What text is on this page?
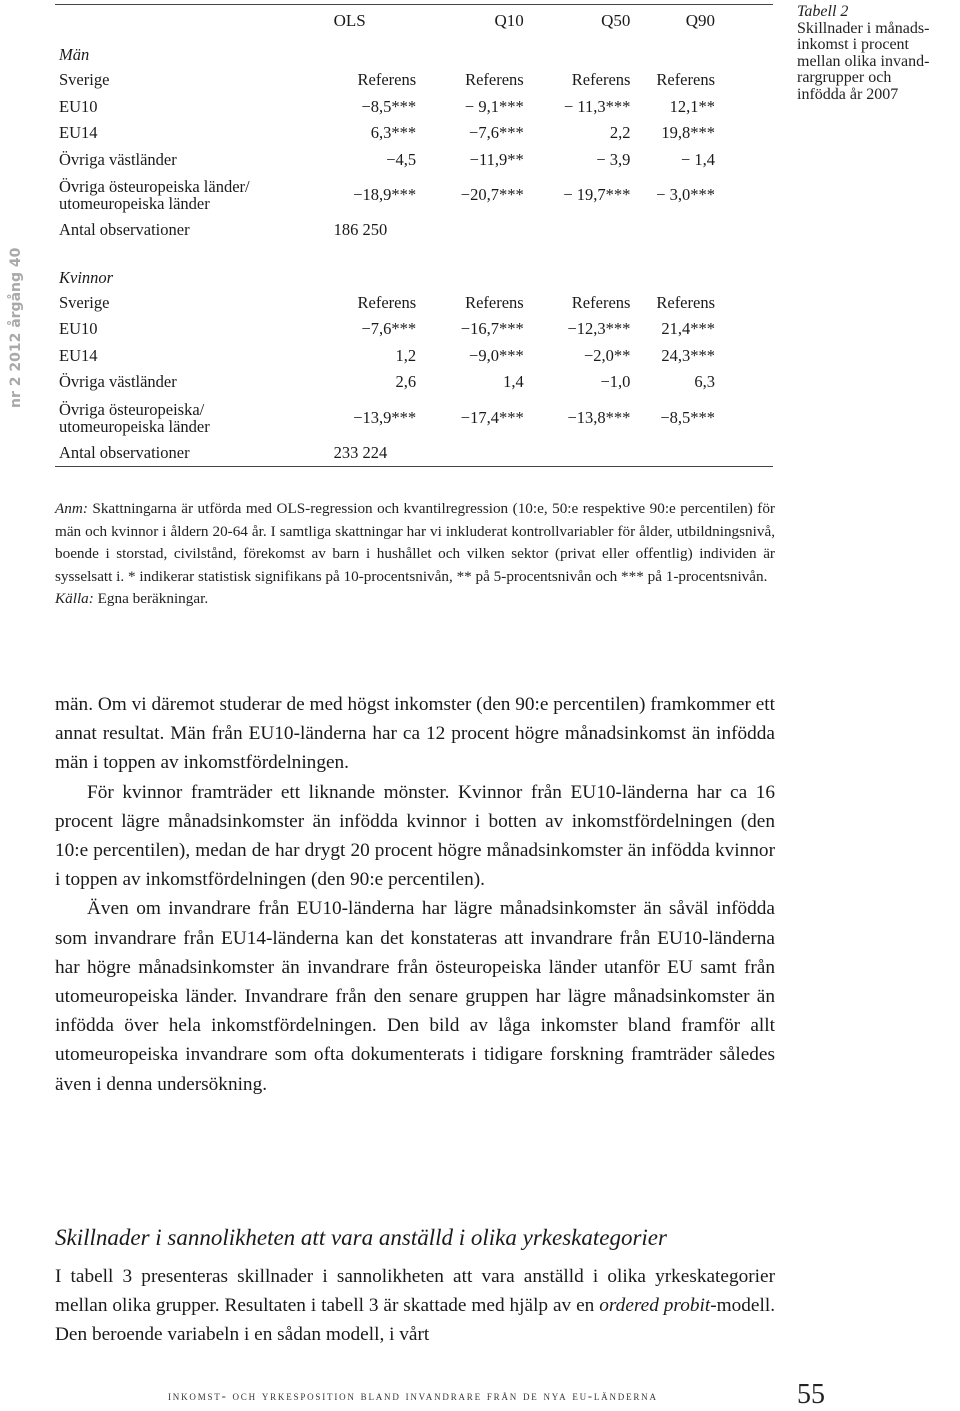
nr 2 2012 årgång 40
Tabell 2
Skillnader i månads-
inkomst i procent
mellan olika invand-
rargrupper och
infödda år 2007
	OLS	Q10	Q50	Q90
Män				

Sverige	Referens	Referens	Referens	Referens

EU10	−8,5***	− 9,1***	− 11,3***	12,1**

EU14	6,3***	−7,6***	2,2	19,8***

Övriga västländer	−4,5	−11,9**	− 3,9	− 1,4

Övriga östeuropeiska länder/
utomeuropeiska länder	−18,9***	−20,7***	− 19,7***	− 3,0***

Antal observationer	186 250			

Kvinnor				

Sverige	Referens	Referens	Referens	Referens

EU10	−7,6***	−16,7***	−12,3***	21,4***

EU14	1,2	−9,0***	−2,0**	24,3***

Övriga västländer	2,6	1,4	−1,0	6,3

Övriga östeuropeiska/
utomeuropeiska länder	−13,9***	−17,4***	−13,8***	−8,5***

Antal observationer	233 224			
Anm: Skattningarna är utförda med OLS-regression och kvantilregression (10:e, 50:e respektive 90:e percentilen) för män och kvinnor i åldern 20-64 år. I samtliga skattningar har vi inkluderat kontrollvariabler för ålder, utbildningsnivå, boende i storstad, civilstånd, förekomst av barn i hushållet och vilken sektor (privat eller offentlig) individen är sysselsatt i. * indikerar statistisk signifikans på 10-procentsnivån, ** på 5-procentsnivån och *** på 1-procentsnivån.
Källa: Egna beräkningar.

män. Om vi däremot studerar de med högst inkomster (den 90:e percentilen) framkommer ett annat resultat. Män från EU10-länderna har ca 12 procent högre månadsinkomst än infödda män i toppen av inkomstfördelningen.

För kvinnor framträder ett liknande mönster. Kvinnor från EU10-länderna har ca 16 procent lägre månadsinkomster än infödda kvinnor i botten av inkomstfördelningen (den 10:e percentilen), medan de har drygt 20 procent högre månadsinkomster än infödda kvinnor i toppen av inkomstfördelningen (den 90:e percentilen).

Även om invandrare från EU10-länderna har lägre månadsinkomster än såväl infödda som invandrare från EU14-länderna kan det konstateras att invandrare från EU10-länderna har högre månadsinkomster än invandrare från östeuropeiska länder utanför EU samt från utomeuropeiska länder. Invandrare från den senare gruppen har lägre månadsinkomster än infödda över hela inkomstfördelningen. Den bild av låga inkomster bland framför allt utomeuropeiska invandrare som ofta dokumenterats i tidigare forskning framträder således även i denna undersökning.

Skillnader i sannolikheten att vara anställd i olika yrkeskategorier
I tabell 3 presenteras skillnader i sannolikheten att vara anställd i olika yrkeskategorier mellan olika grupper. Resultaten i tabell 3 är skattade med hjälp av en ordered probit-modell. Den beroende variabeln i en sådan modell, i vårt
inkomst- och yrkesposition bland invandrare från de nya eu-länderna	55
